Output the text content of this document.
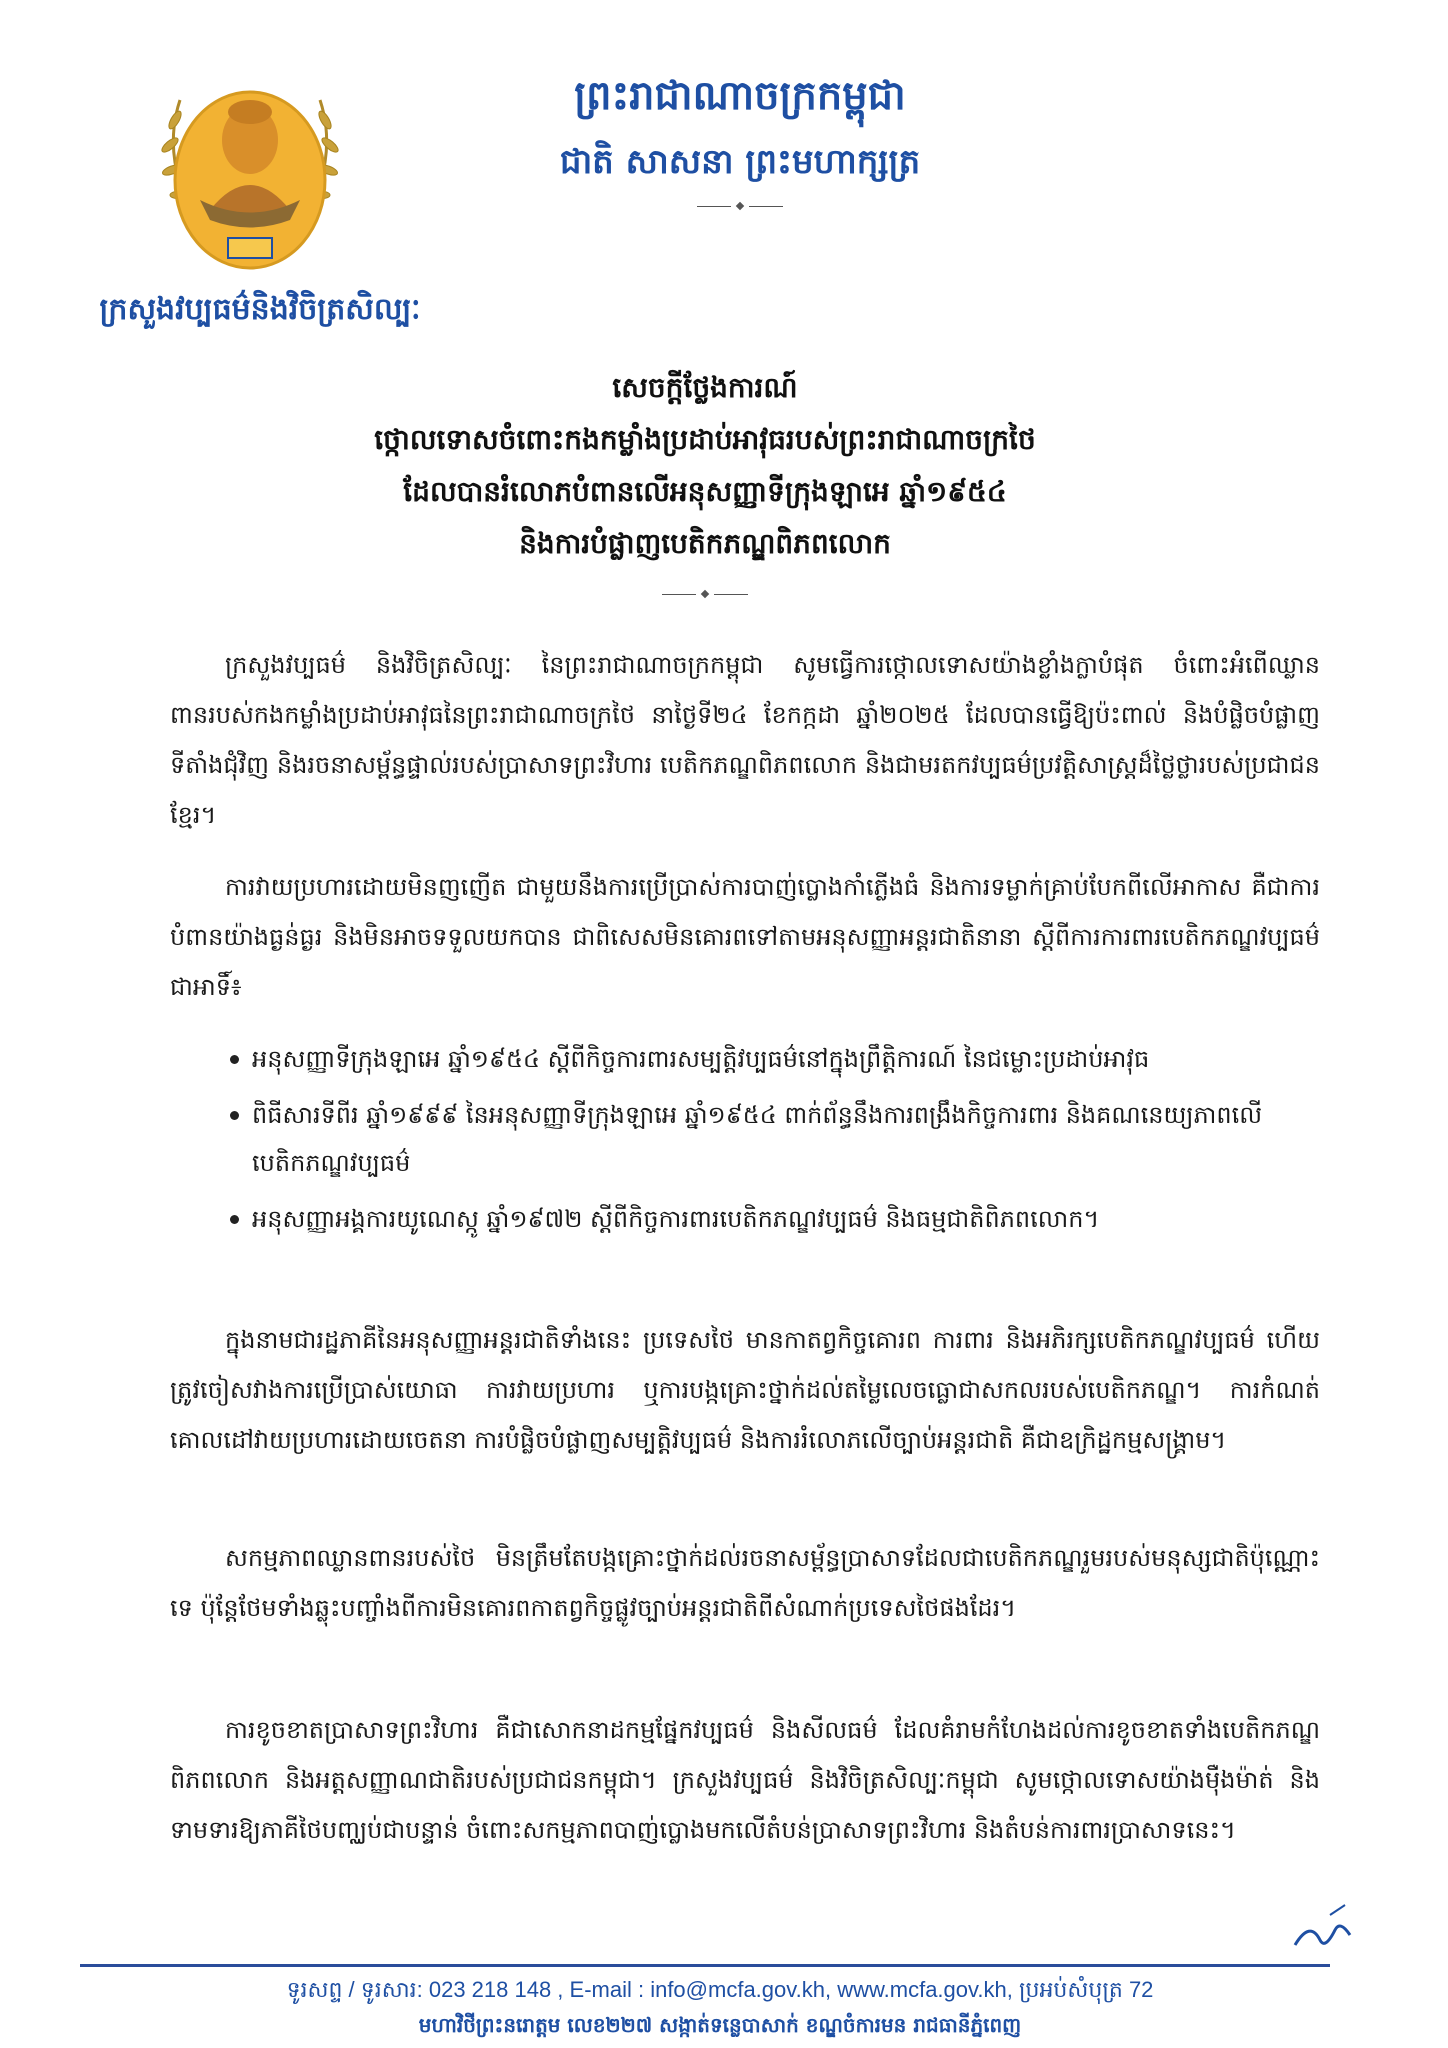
ក្រសួងវប្បធម៌និងវិចិត្រសិល្បៈ
ព្រះរាជាណាចក្រកម្ពុជា
ជាតិ សាសនា ព្រះមហាក្សត្រ
សេចក្តីថ្លែងការណ៍
ថ្កោលទោសចំពោះកងកម្លាំងប្រដាប់អាវុធរបស់ព្រះរាជាណាចក្រថៃ
ដែលបានរំលោភបំពានលើអនុសញ្ញាទីក្រុងឡាអេ ឆ្នាំ១៩៥៤
និងការបំផ្លាញបេតិកភណ្ឌពិភពលោក
ក្រសួងវប្បធម៌ និងវិចិត្រសិល្បៈ នៃព្រះរាជាណាចក្រកម្ពុជា សូមធ្វើការថ្កោលទោសយ៉ាងខ្លាំងក្លាបំផុត ចំពោះអំពើឈ្លានពានរបស់កងកម្លាំងប្រដាប់អាវុធនៃព្រះរាជាណាចក្រថៃ នាថ្ងៃទី២៤ ខែកក្កដា ឆ្នាំ២០២៥ ដែលបានធ្វើឱ្យប៉ះពាល់ និងបំផ្លិចបំផ្លាញទីតាំងជុំវិញ និងរចនាសម្ព័ន្ធផ្ទាល់របស់ប្រាសាទព្រះវិហារ បេតិកភណ្ឌពិភពលោក និងជាមរតកវប្បធម៌ប្រវត្តិសាស្ត្រដ៏ថ្លៃថ្លារបស់ប្រជាជនខ្មែរ។
ការវាយប្រហារដោយមិនញញើត ជាមួយនឹងការប្រើប្រាស់ការបាញ់ប្លោងកាំភ្លើងធំ និងការទម្លាក់គ្រាប់បែកពីលើអាកាស គឺជាការបំពានយ៉ាងធ្ងន់ធ្ងរ និងមិនអាចទទួលយកបាន ជាពិសេសមិនគោរពទៅតាមអនុសញ្ញាអន្តរជាតិនានា ស្តីពីការការពារបេតិកភណ្ឌវប្បធម៌ ជាអាទិ៍៖
អនុសញ្ញាទីក្រុងឡាអេ ឆ្នាំ១៩៥៤ ស្តីពីកិច្ចការពារសម្បត្តិវប្បធម៌នៅក្នុងព្រឹត្តិការណ៍ នៃជម្លោះប្រដាប់អាវុធ
ពិធីសារទីពីរ ឆ្នាំ១៩៩៩ នៃអនុសញ្ញាទីក្រុងឡាអេ ឆ្នាំ១៩៥៤ ពាក់ព័ន្ធនឹងការពង្រឹងកិច្ចការពារ និងគណនេយ្យភាពលើបេតិកភណ្ឌវប្បធម៌
អនុសញ្ញាអង្គការយូណេស្កូ ឆ្នាំ១៩៧២ ស្តីពីកិច្ចការពារបេតិកភណ្ឌវប្បធម៌ និងធម្មជាតិពិភពលោក។
ក្នុងនាមជារដ្ឋភាគីនៃអនុសញ្ញាអន្តរជាតិទាំងនេះ ប្រទេសថៃ មានកាតព្វកិច្ចគោរព ការពារ និងអភិរក្សបេតិកភណ្ឌវប្បធម៌ ហើយត្រូវចៀសវាងការប្រើប្រាស់យោធា ការវាយប្រហារ ឬការបង្កគ្រោះថ្នាក់ដល់តម្លៃលេចធ្លោជាសកលរបស់បេតិកភណ្ឌ។ ការកំណត់គោលដៅវាយប្រហារដោយចេតនា ការបំផ្លិចបំផ្លាញសម្បត្តិវប្បធម៌ និងការរំលោភលើច្បាប់អន្តរជាតិ គឺជាឧក្រិដ្ឋកម្មសង្គ្រាម។
សកម្មភាពឈ្លានពានរបស់ថៃ មិនត្រឹមតែបង្កគ្រោះថ្នាក់ដល់រចនាសម្ព័ន្ធប្រាសាទដែលជាបេតិកភណ្ឌរួមរបស់មនុស្សជាតិប៉ុណ្ណោះទេ ប៉ុន្តែថែមទាំងឆ្លុះបញ្ចាំងពីការមិនគោរពកាតព្វកិច្ចផ្លូវច្បាប់អន្តរជាតិពីសំណាក់ប្រទេសថៃផងដែរ។
ការខូចខាតប្រាសាទព្រះវិហារ គឺជាសោកនាដកម្មផ្នែកវប្បធម៌ និងសីលធម៌ ដែលគំរាមកំហែងដល់ការខូចខាតទាំងបេតិកភណ្ឌពិភពលោក និងអត្តសញ្ញាណជាតិរបស់ប្រជាជនកម្ពុជា។ ក្រសួងវប្បធម៌ និងវិចិត្រសិល្បៈកម្ពុជា សូមថ្កោលទោសយ៉ាងម៉ឺងម៉ាត់ និងទាមទារឱ្យភាគីថៃបញ្ឈប់ជាបន្ទាន់ ចំពោះសកម្មភាពបាញ់ប្លោងមកលើតំបន់ប្រាសាទព្រះវិហារ និងតំបន់ការពារប្រាសាទនេះ។
ទូរសព្ទ / ទូរសារ: 023 218 148 , E-mail : info@mcfa.gov.kh, www.mcfa.gov.kh, ប្រអប់សំបុត្រ 72
មហាវិថីព្រះនរោត្តម លេខ២២៧ សង្កាត់ទន្លេបាសាក់ ខណ្ឌចំការមន រាជធានីភ្នំពេញ
